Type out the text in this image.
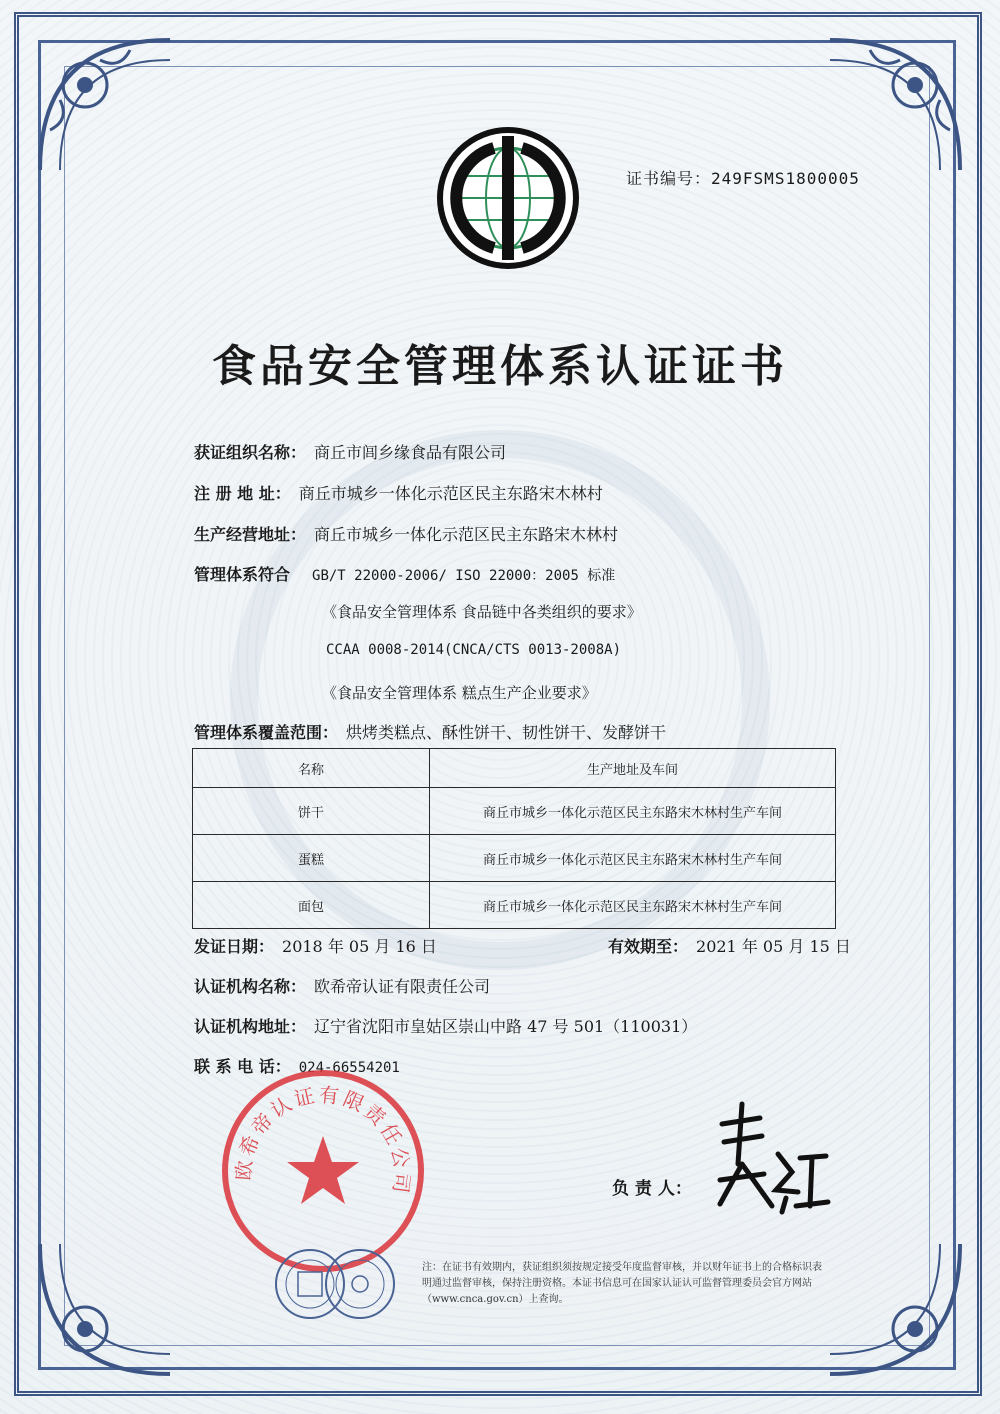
证书编号：249FSMS1800005
食品安全管理体系认证证书
获证组织名称： 商丘市闾乡缘食品有限公司
注 册 地 址： 商丘市城乡一体化示范区民主东路宋木林村
生产经营地址： 商丘市城乡一体化示范区民主东路宋木林村
管理体系符合 GB/T 22000-2006/ ISO 22000：2005 标准
《食品安全管理体系 食品链中各类组织的要求》
CCAA 0008-2014(CNCA/CTS 0013-2008A)
《食品安全管理体系 糕点生产企业要求》
管理体系覆盖范围： 烘烤类糕点、酥性饼干、韧性饼干、发酵饼干
名称	生产地址及车间
饼干	商丘市城乡一体化示范区民主东路宋木林村生产车间
蛋糕	商丘市城乡一体化示范区民主东路宋木林村生产车间
面包	商丘市城乡一体化示范区民主东路宋木林村生产车间
发证日期： 2018 年 05 月 16 日	有效期至： 2021 年 05 月 15 日
认证机构名称： 欧希帝认证有限责任公司
认证机构地址： 辽宁省沈阳市皇姑区崇山中路 47 号 501（110031）
联 系 电 话： 024-66554201
欧希帝认证有限责任公司	负 责 人：
注：在证书有效期内，获证组织须按规定接受年度监督审核，并以财年证书上的合格标识表明通过监督审核，保持注册资格。本证书信息可在国家认证认可监督管理委员会官方网站（www.cnca.gov.cn）上查询。
